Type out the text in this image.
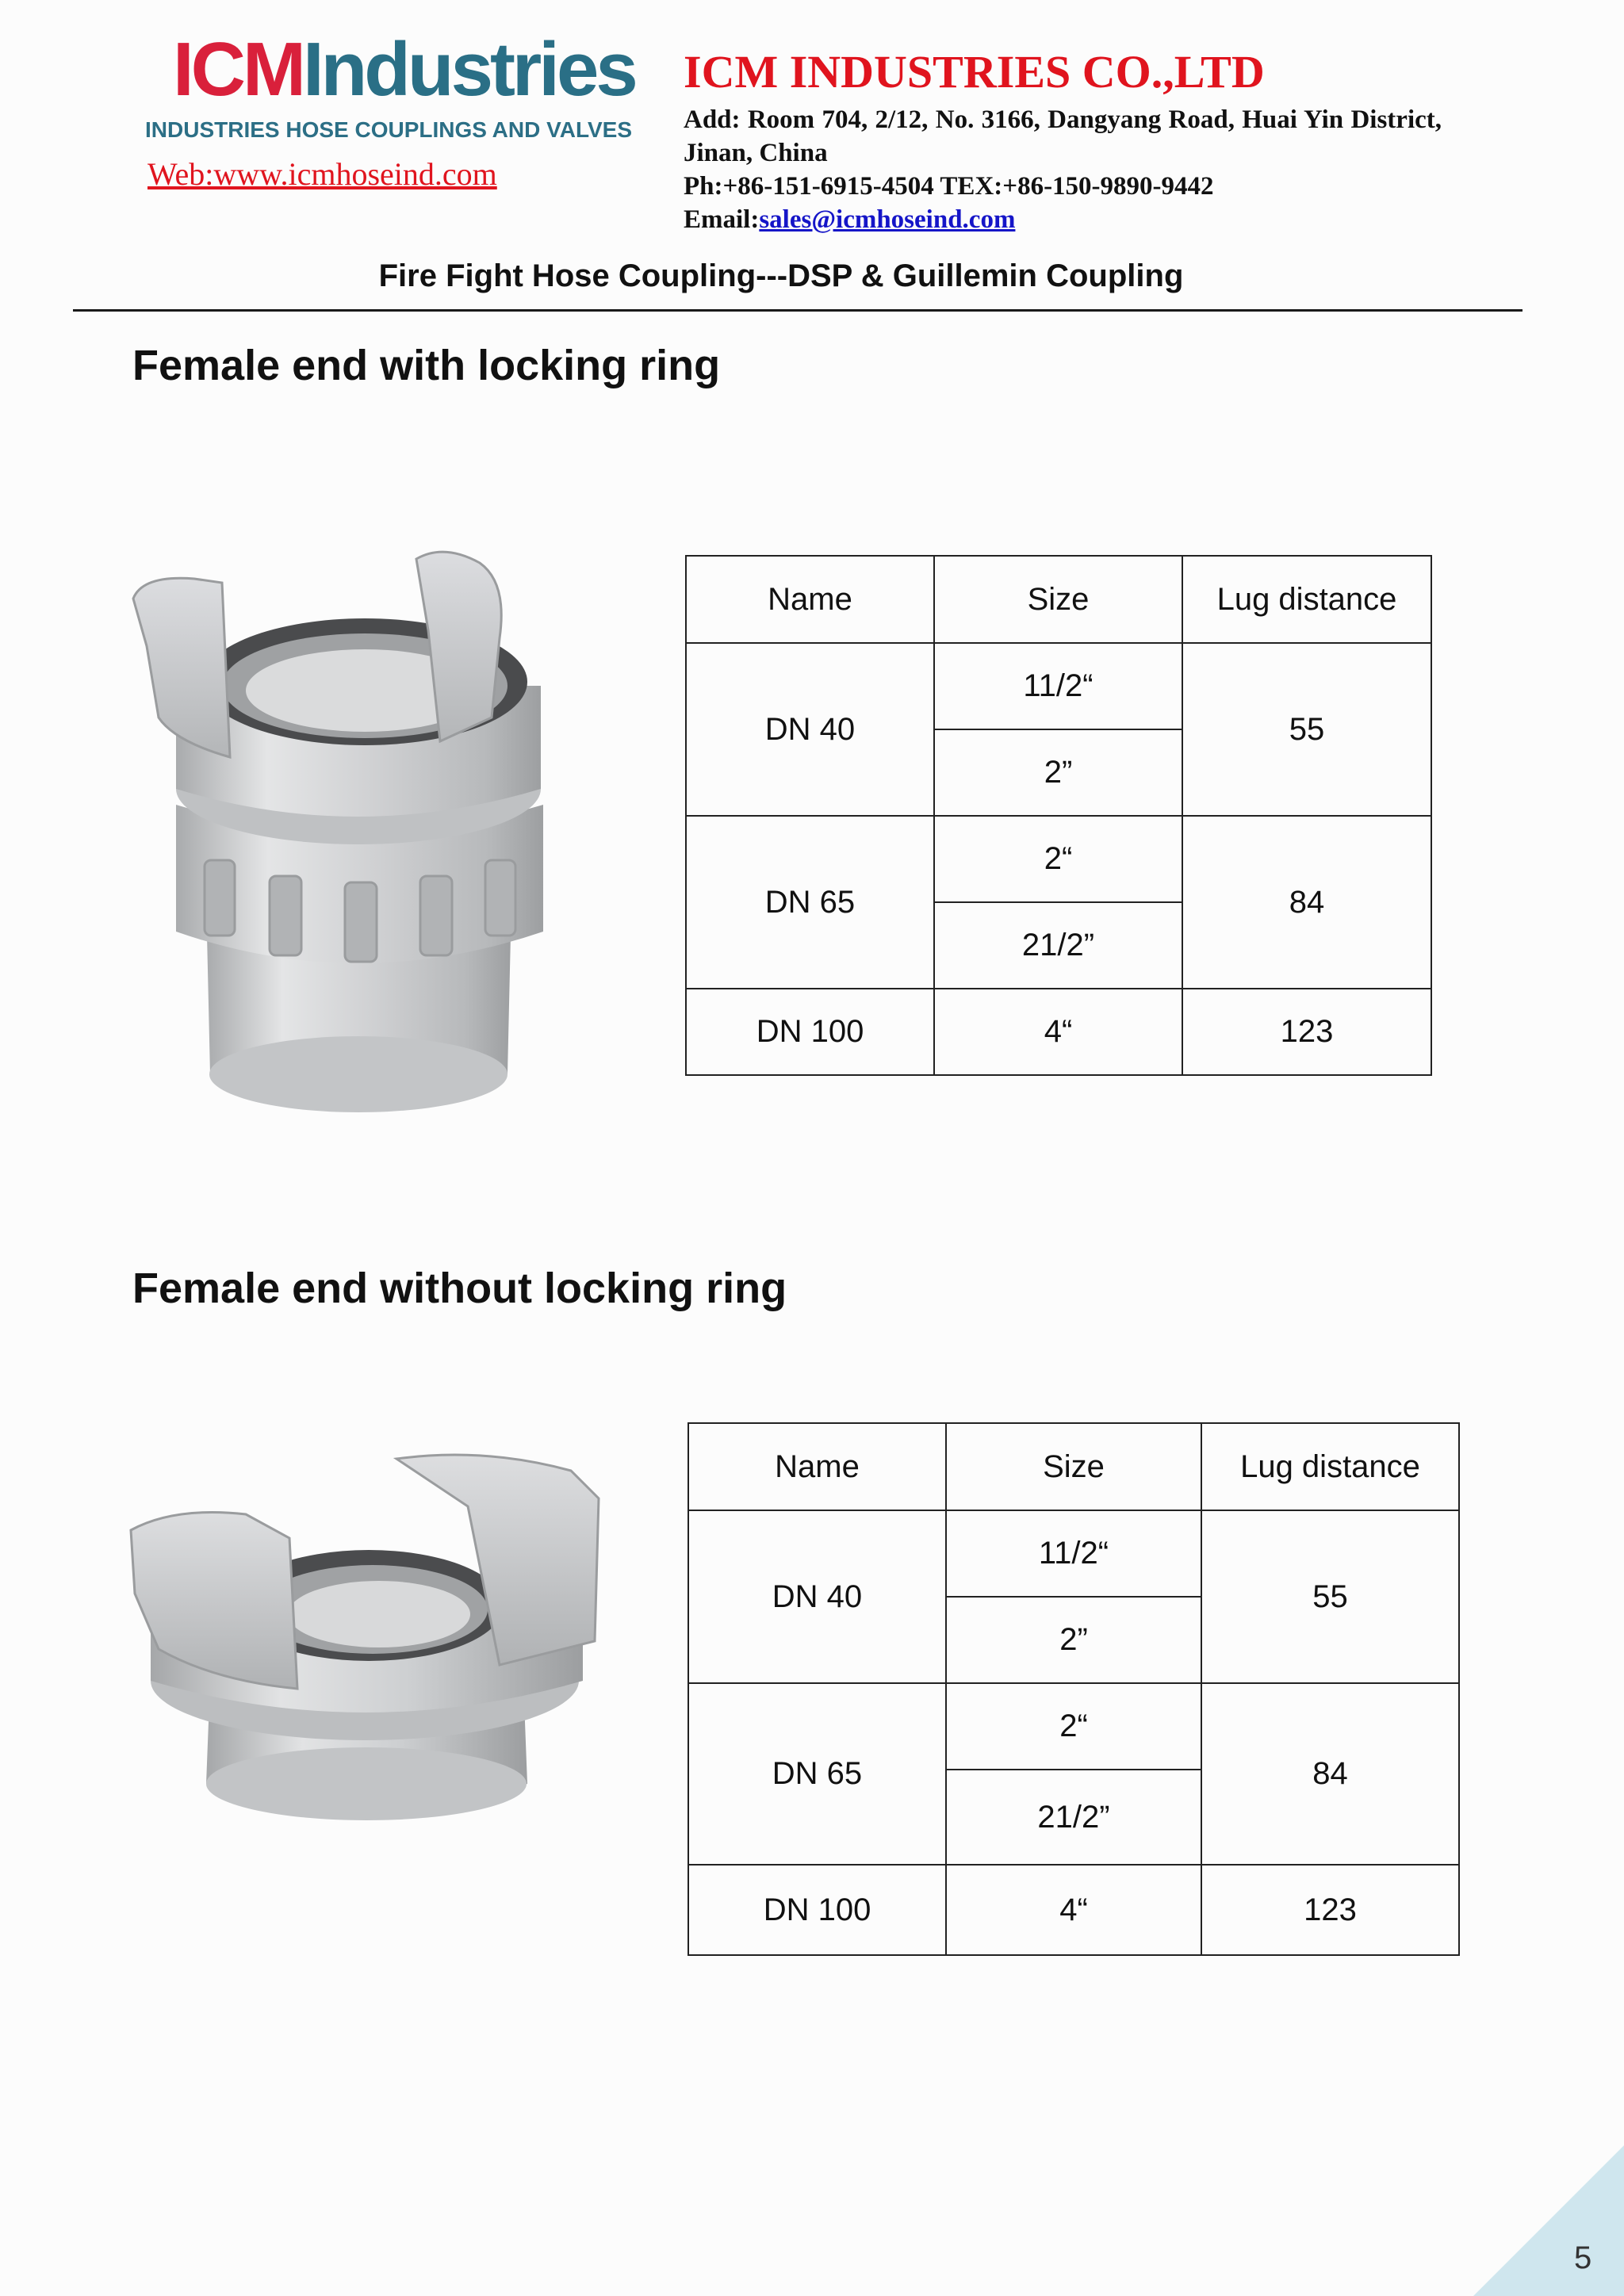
ICMIndustries
INDUSTRIES HOSE COUPLINGS AND VALVES
Web:www.icmhoseind.com
ICM INDUSTRIES CO.,LTD
Add: Room 704, 2/12, No. 3166, Dangyang Road, Huai Yin District, Jinan, China
Ph:+86-151-6915-4504 TEX:+86-150-9890-9442
Email:sales@icmhoseind.com
Fire Fight Hose Coupling---DSP & Guillemin Coupling
Female end with locking ring
Name	Size	Lug distance
DN 40	11/2“	55
	2”	
DN 65	2“	84
	21/2”	
DN 100	4“	123
Female end without locking ring
Name	Size	Lug distance
DN 40	11/2“	55
	2”	
DN 65	2“	84
	21/2”	
DN 100	4“	123
5
